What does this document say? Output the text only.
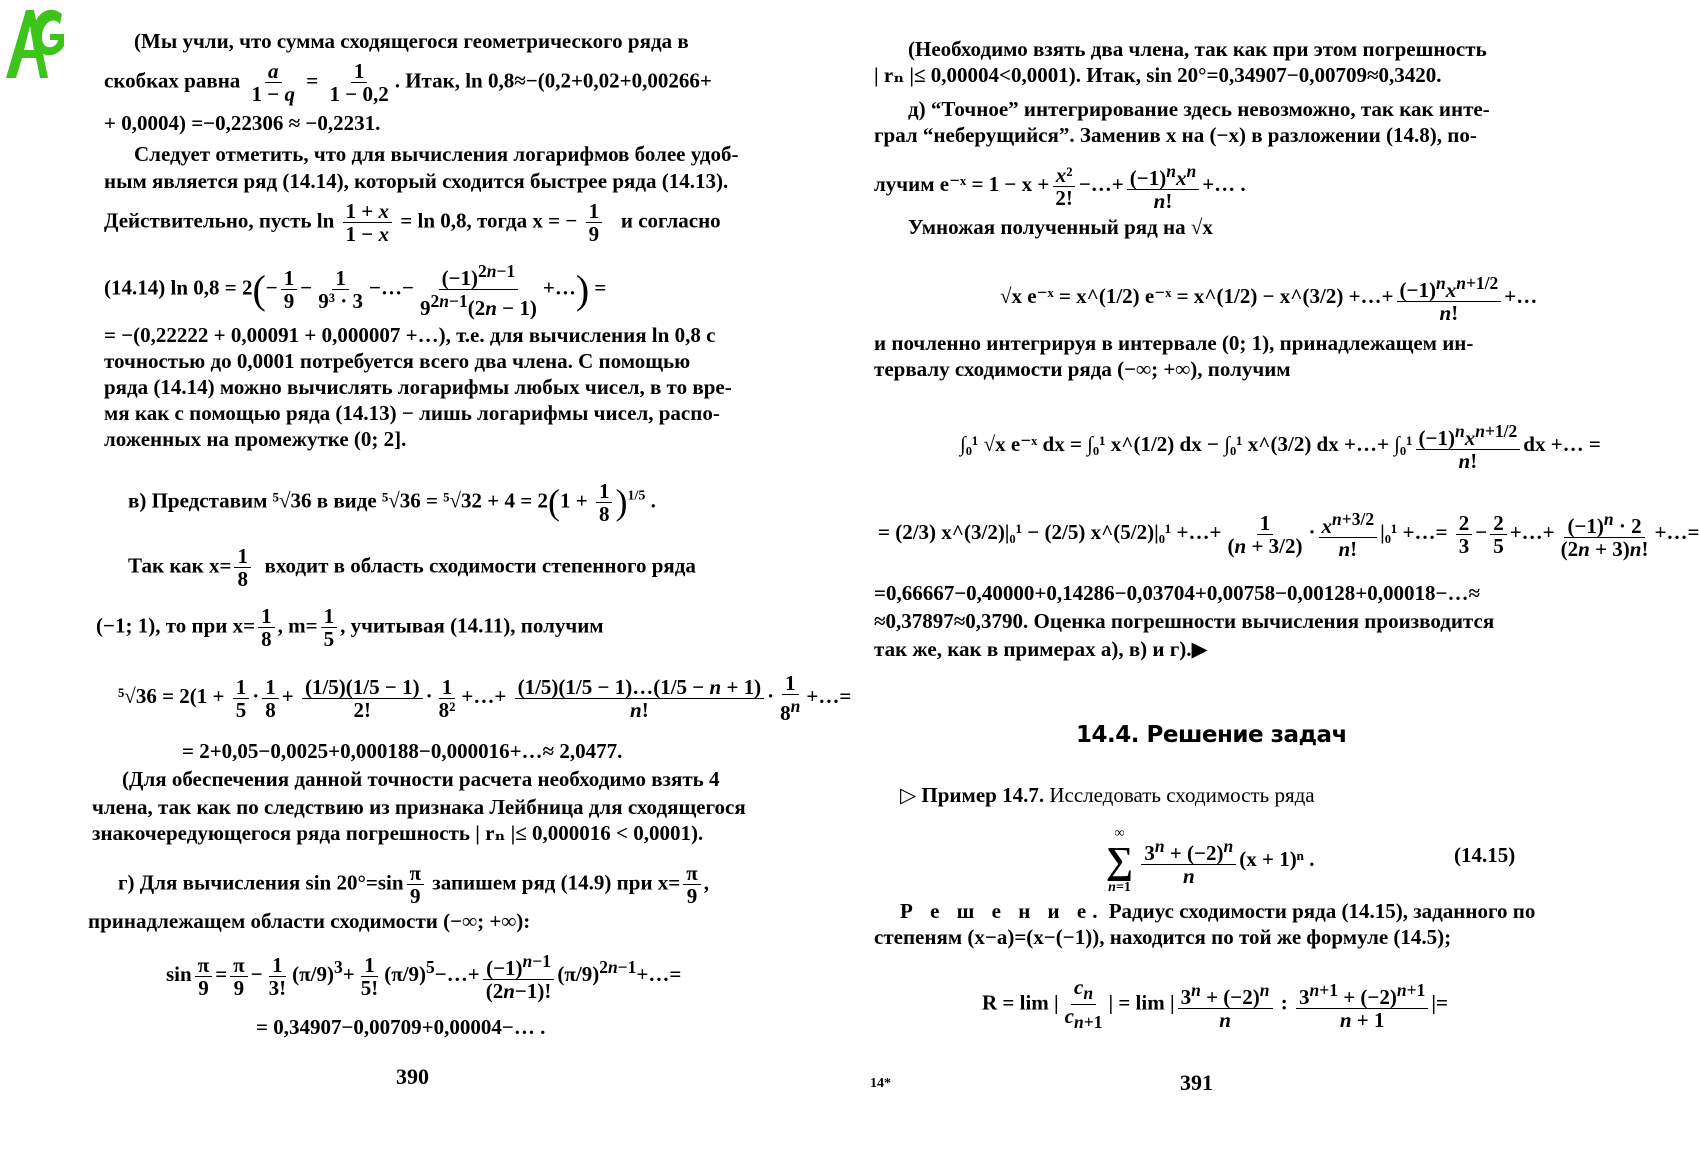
(Мы учли, что сумма сходящегося геометрического ряда в
скобках равна $\frac{a}{1 - q} = \frac{1}{1 - 0,2}$ . Итак, ln 0,8≈−(0,2+0,02+0,00266+
+ 0,0004) =−0,22306 ≈ −0,2231.
Следует отметить, что для вычисления логарифмов более удоб-
ным является ряд (14.14), который сходится быстрее ряда (14.13).
Действительно, пусть $\ln \frac{1 + x}{1 - x} = \ln 0,8$, тогда x = − $\frac{1}{9}$ и согласно
(14.14) $\ln 0,8 = 2(- \frac{1}{9} - \frac{1}{\text{9³ · 3}}$ −…− $\frac{(-1)^{2n-1}}{9^{2n-1}(2n - 1)}$ +…) =
= −(0,22222 + 0,00091 + 0,000007 +…), т.е. для вычисления ln 0,8 с
точностью до 0,0001 потребуется всего два члена. С помощью
ряда (14.14) можно вычислять логарифмы любых чисел, в то вре-
мя как с помощью ряда (14.13) − лишь логарифмы чисел, распо-
ложенных на промежутке (0; 2].
в) Представим ⁵√36 в виде $^5√36 = ^5√32 + 4 = 2(1 + \frac{1}{8} )^{1/5}$ .
Так как $x= \frac{1}{8}$ входит в область сходимости степенного ряда
(−1; 1), то при $x= \frac{1}{8}$ , $m= \frac{1}{5}$ , учитывая (14.11), получим
$^5√36 = 2(1 + \frac{1}{5} \cdot \frac{1}{8} + \frac{(1/5)(1/5 - 1)}{2!} \cdot \frac{1}{\text{8²}}$ +…+ $\frac{(1/5)(1/5 - 1)\dots(1/5 - n + 1)}{n!} \cdot \frac{1}{8^n}$ +…=
= 2+0,05−0,0025+0,000188−0,000016+…≈ 2,0477.
(Для обеспечения данной точности расчета необходимо взять 4
члена, так как по следствию из признака Лейбница для сходящегося
знакочередующегося ряда погрешность | rₙ |≤ 0,000016 < 0,0001).
г) Для вычисления $\sin 20^\circ=\sin \frac{\pi}{9}$ запишем ряд (14.9) при $x= \frac{\pi}{9}$ ,
принадлежащем области сходимости (−∞; +∞):
$\sin \frac{\pi}{9} = \frac{\pi}{9} - \frac{1}{3!} (\pi/9)^3+ \frac{1}{5!}$ $(\pi/9)^5-\dots+ \frac{(-1)^{n-1}}{(2n-1)!}$ $(\pi/9)^{2n-1}+\dots=$
= 0,34907−0,00709+0,00004−… .
390
(Необходимо взять два члена, так как при этом погрешность
| rₙ |≤ 0,00004<0,0001). Итак, sin 20°=0,34907−0,00709≈0,3420.
д) “Точное” интегрирование здесь невозможно, так как инте-
грал “неберущийся”. Заменив x на (−x) в разложении (14.8), по-
лучим e⁻ˣ = $1 - x + \frac{\text{x²}}{2!}$ −…+ $(-1)^nx^n$
n!
+… .
Умножая полученный ряд на √x
√x e⁻ˣ = x^(1/2) e⁻ˣ = x^(1/2) − x^(3/2) +…+ $(-1)^nx^{n+1/2}$
n!
+…
и почленно интегрируя в интервале (0; 1), принадлежащем ин-
тервалу сходимости ряда (−∞; +∞), получим
∫₀¹ √x e⁻ˣ dx = ∫₀¹ x^(1/2) dx − ∫₀¹ x^(3/2) dx +…+ ∫₀¹ $(-1)^nx^{n+1/2}$
n!
dx +… =
= (2/3) x^(3/2)|₀¹ − (2/5) x^(5/2)|₀¹ +…+ $\frac{1}{(n + 3/2)} \cdot \frac{x^{n+3/2}}{n!} |_0^1$ +…= $\frac{2}{3} - \frac{2}{5}$ +…+ $\frac{(-1)^n \cdot 2}{(2n + 3)n!}$ +…=
=0,66667−0,40000+0,14286−0,03704+0,00758−0,00128+0,00018−…≈
≈0,37897≈0,3790. Оценка погрешности вычисления производится
так же, как в примерах а), в) и г).▶
14.4. Решение задач
▷ Пример 14.7. Исследовать сходимость ряда
∞
∑
n=1

$\frac{3^n + (-2)^n}{n} (x + 1)^n$ .	(14.15)
Р е ш е н и е. Радиус сходимости ряда (14.15), заданного по
степеням (x−a)=(x−(−1)), находится по той же формуле (14.5);
R = lim | $\frac{c_n}{c_{n+1}}$ | = lim | $\frac{3^n + (-2)^n}{n}$ : $\frac{3^{n+1} + (-2)^{n+1}}{n + 1}$ |=
14*	391
